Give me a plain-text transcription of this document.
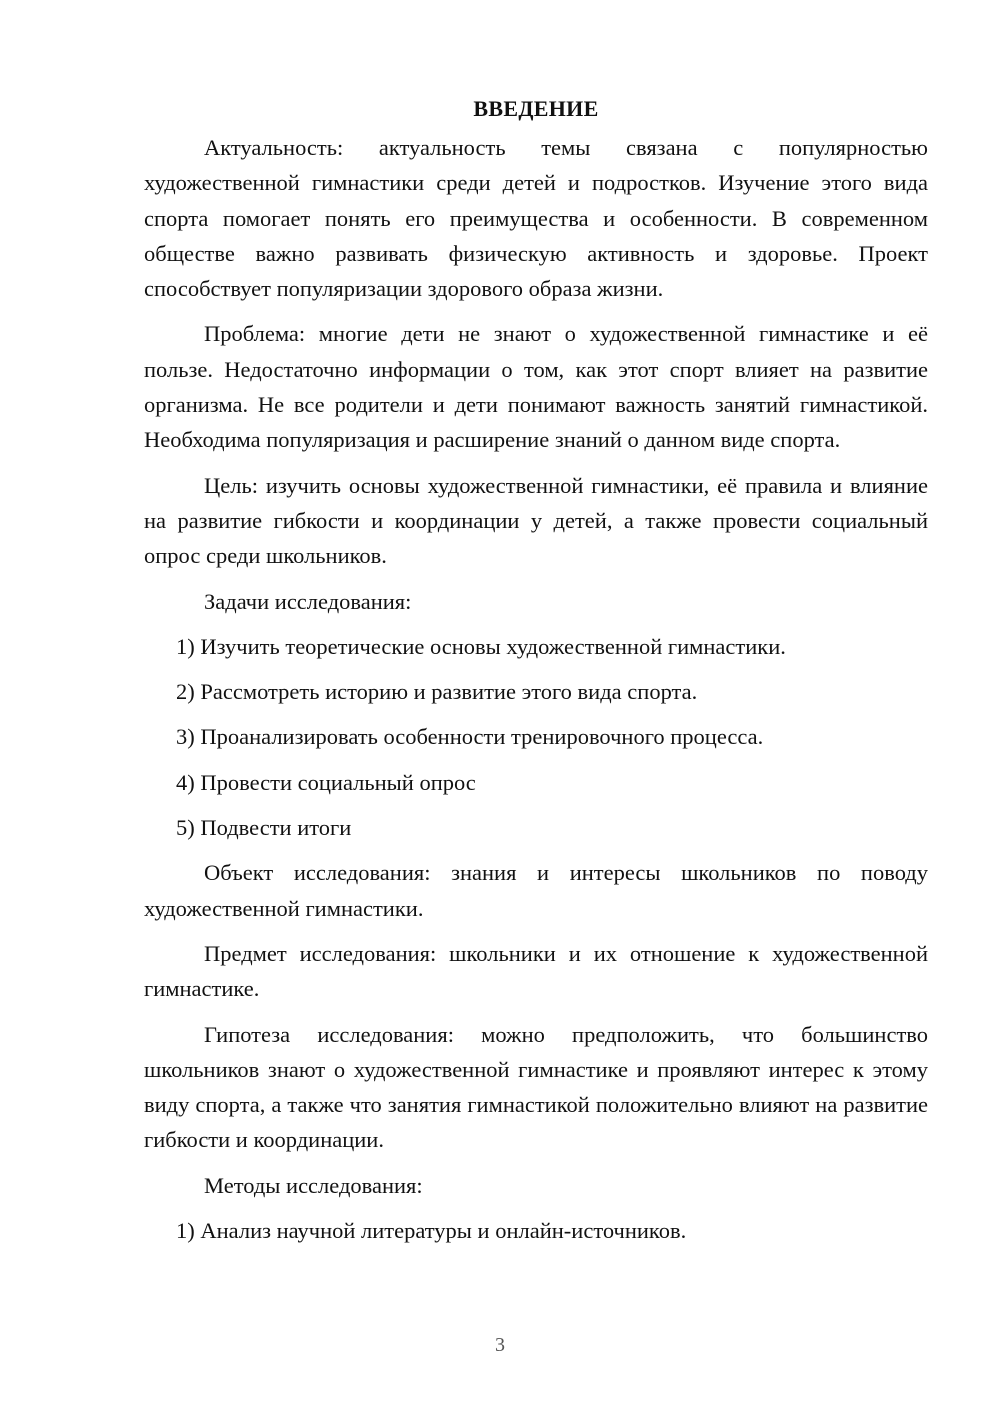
ВВЕДЕНИЕ

Актуальность: актуальность темы связана с популярностью художественной гимнастики среди детей и подростков. Изучение этого вида спорта помогает понять его преимущества и особенности. В современном обществе важно развивать физическую активность и здоровье. Проект способствует популяризации здорового образа жизни.

Проблема: многие дети не знают о художественной гимнастике и её пользе. Недостаточно информации о том, как этот спорт влияет на развитие организма. Не все родители и дети понимают важность занятий гимнастикой. Необходима популяризация и расширение знаний о данном виде спорта.

Цель: изучить основы художественной гимнастики, её правила и влияние на развитие гибкости и координации у детей, а также провести социальный опрос среди школьников.

Задачи исследования:
1) Изучить теоретические основы художественной гимнастики.
2) Рассмотреть историю и развитие этого вида спорта.
3) Проанализировать особенности тренировочного процесса.
4) Провести социальный опрос
5) Подвести итоги

Объект исследования: знания и интересы школьников по поводу художественной гимнастики.

Предмет исследования: школьники и их отношение к художественной гимнастике.

Гипотеза исследования: можно предположить, что большинство школьников знают о художественной гимнастике и проявляют интерес к этому виду спорта, а также что занятия гимнастикой положительно влияют на развитие гибкости и координации.

Методы исследования:
1) Анализ научной литературы и онлайн-источников.
3
